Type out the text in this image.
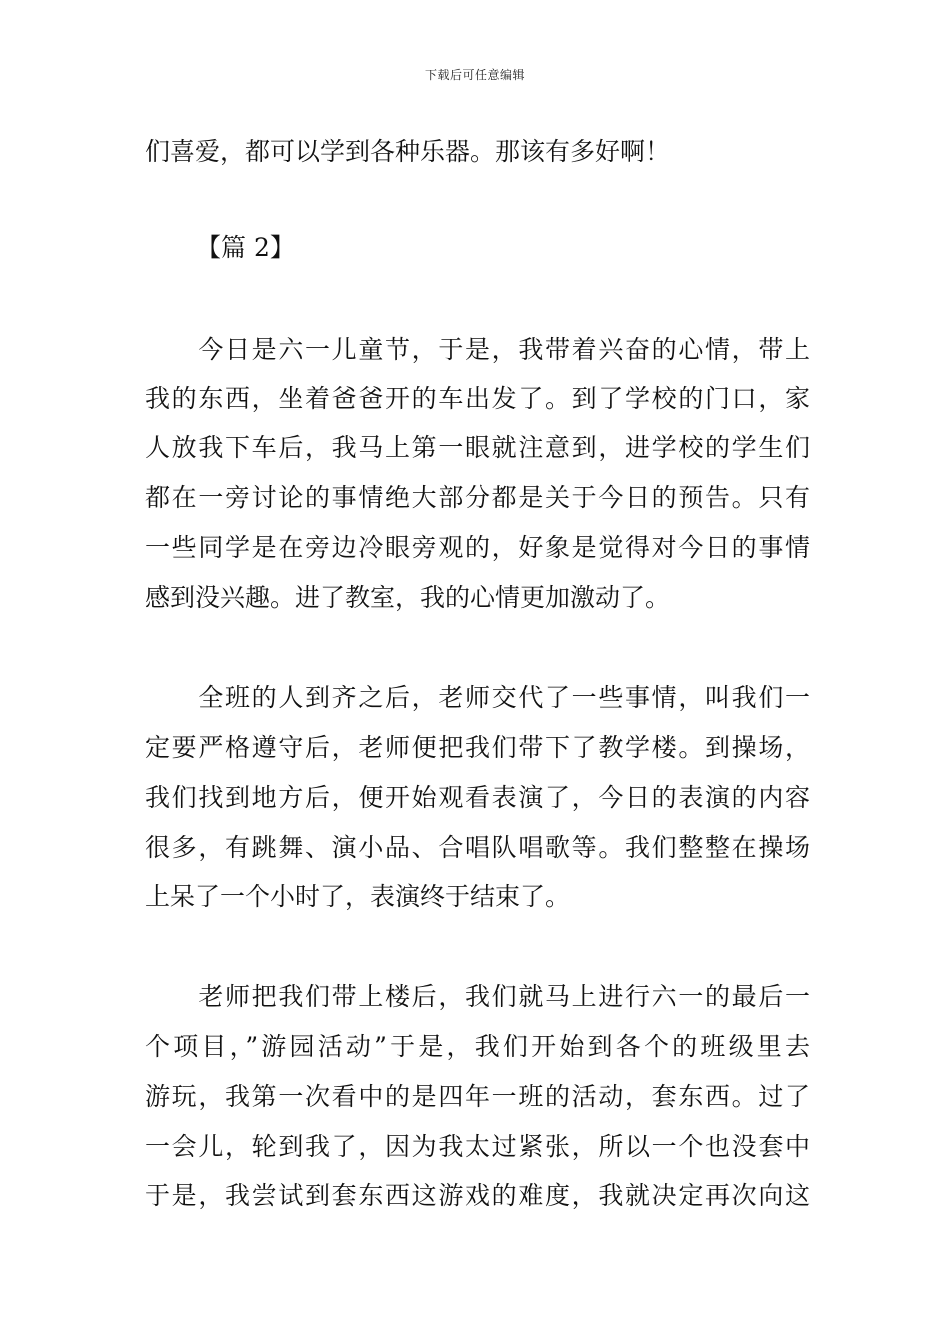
下载后可任意编辑
们喜爱，都可以学到各种乐器。那该有多好啊！
【篇 2】
　　今日是六一儿童节，于是，我带着兴奋的心情，带上
我的东西，坐着爸爸开的车出发了。到了学校的门口，家
人放我下车后，我马上第一眼就注意到，进学校的学生们
都在一旁讨论的事情绝大部分都是关于今日的预告。只有
一些同学是在旁边冷眼旁观的，好象是觉得对今日的事情
感到没兴趣。进了教室，我的心情更加激动了。
　　全班的人到齐之后，老师交代了一些事情，叫我们一
定要严格遵守后，老师便把我们带下了教学楼。到操场，
我们找到地方后，便开始观看表演了，今日的表演的内容
很多，有跳舞、演小品、合唱队唱歌等。我们整整在操场
上呆了一个小时了，表演终于结束了。
　　老师把我们带上楼后，我们就马上进行六一的最后一
个项目，”游园活动”于是，我们开始到各个的班级里去
游玩，我第一次看中的是四年一班的活动，套东西。过了
一会儿，轮到我了，因为我太过紧张，所以一个也没套中
于是，我尝试到套东西这游戏的难度，我就决定再次向这
